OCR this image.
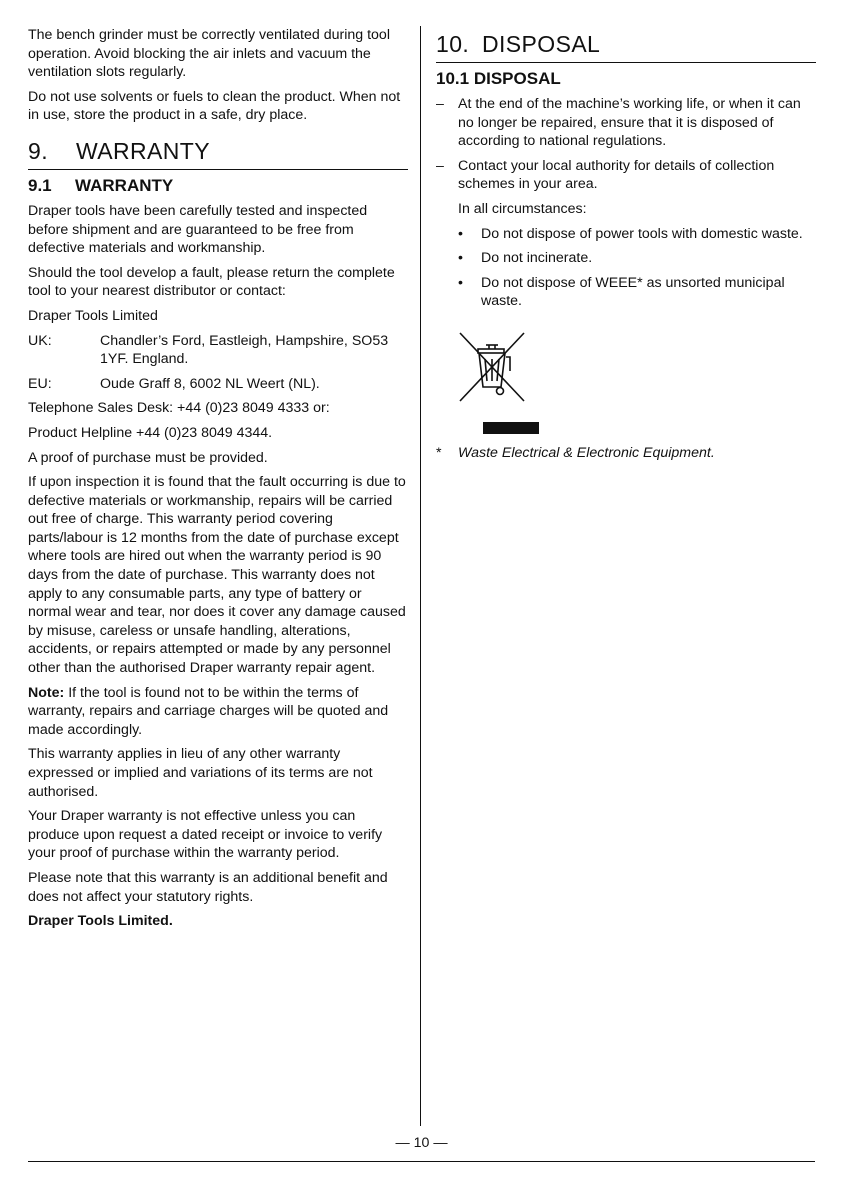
The bench grinder must be correctly ventilated during tool operation. Avoid blocking the air inlets and vacuum the ventilation slots regularly.

Do not use solvents or fuels to clean the product. When not in use, store the product in a safe, dry place.

9. WARRANTY
9.1 WARRANTY

Draper tools have been carefully tested and inspected before shipment and are guaranteed to be free from defective materials and workmanship.

Should the tool develop a fault, please return the complete tool to your nearest distributor or contact:

Draper Tools Limited

UK:	Chandler’s Ford, Eastleigh, Hampshire, SO53 1YF. England.
EU:	Oude Graff 8, 6002 NL Weert (NL).

Telephone Sales Desk: +44 (0)23 8049 4333 or:

Product Helpline +44 (0)23 8049 4344.

A proof of purchase must be provided.

If upon inspection it is found that the fault occurring is due to defective materials or workmanship, repairs will be carried out free of charge. This warranty period covering parts/labour is 12 months from the date of purchase except where tools are hired out when the warranty period is 90 days from the date of purchase. This warranty does not apply to any consumable parts, any type of battery or normal wear and tear, nor does it cover any damage caused by misuse, careless or unsafe handling, alterations, accidents, or repairs attempted or made by any personnel other than the authorised Draper warranty repair agent.

Note: If the tool is found not to be within the terms of warranty, repairs and carriage charges will be quoted and made accordingly.

This warranty applies in lieu of any other warranty expressed or implied and variations of its terms are not authorised.

Your Draper warranty is not effective unless you can produce upon request a dated receipt or invoice to verify your proof of purchase within the warranty period.

Please note that this warranty is an additional benefit and does not affect your statutory rights.

Draper Tools Limited.

10. DISPOSAL
10.1 DISPOSAL
– At the end of the machine’s working life, or when it can no longer be repaired, ensure that it is disposed of according to national regulations.
– Contact your local authority for details of collection schemes in your area.

In all circumstances:

•	Do not dispose of power tools with domestic waste.
•	Do not incinerate.
•	Do not dispose of WEEE* as unsorted municipal waste.
*	Waste Electrical & Electronic Equipment.
— 10 —
